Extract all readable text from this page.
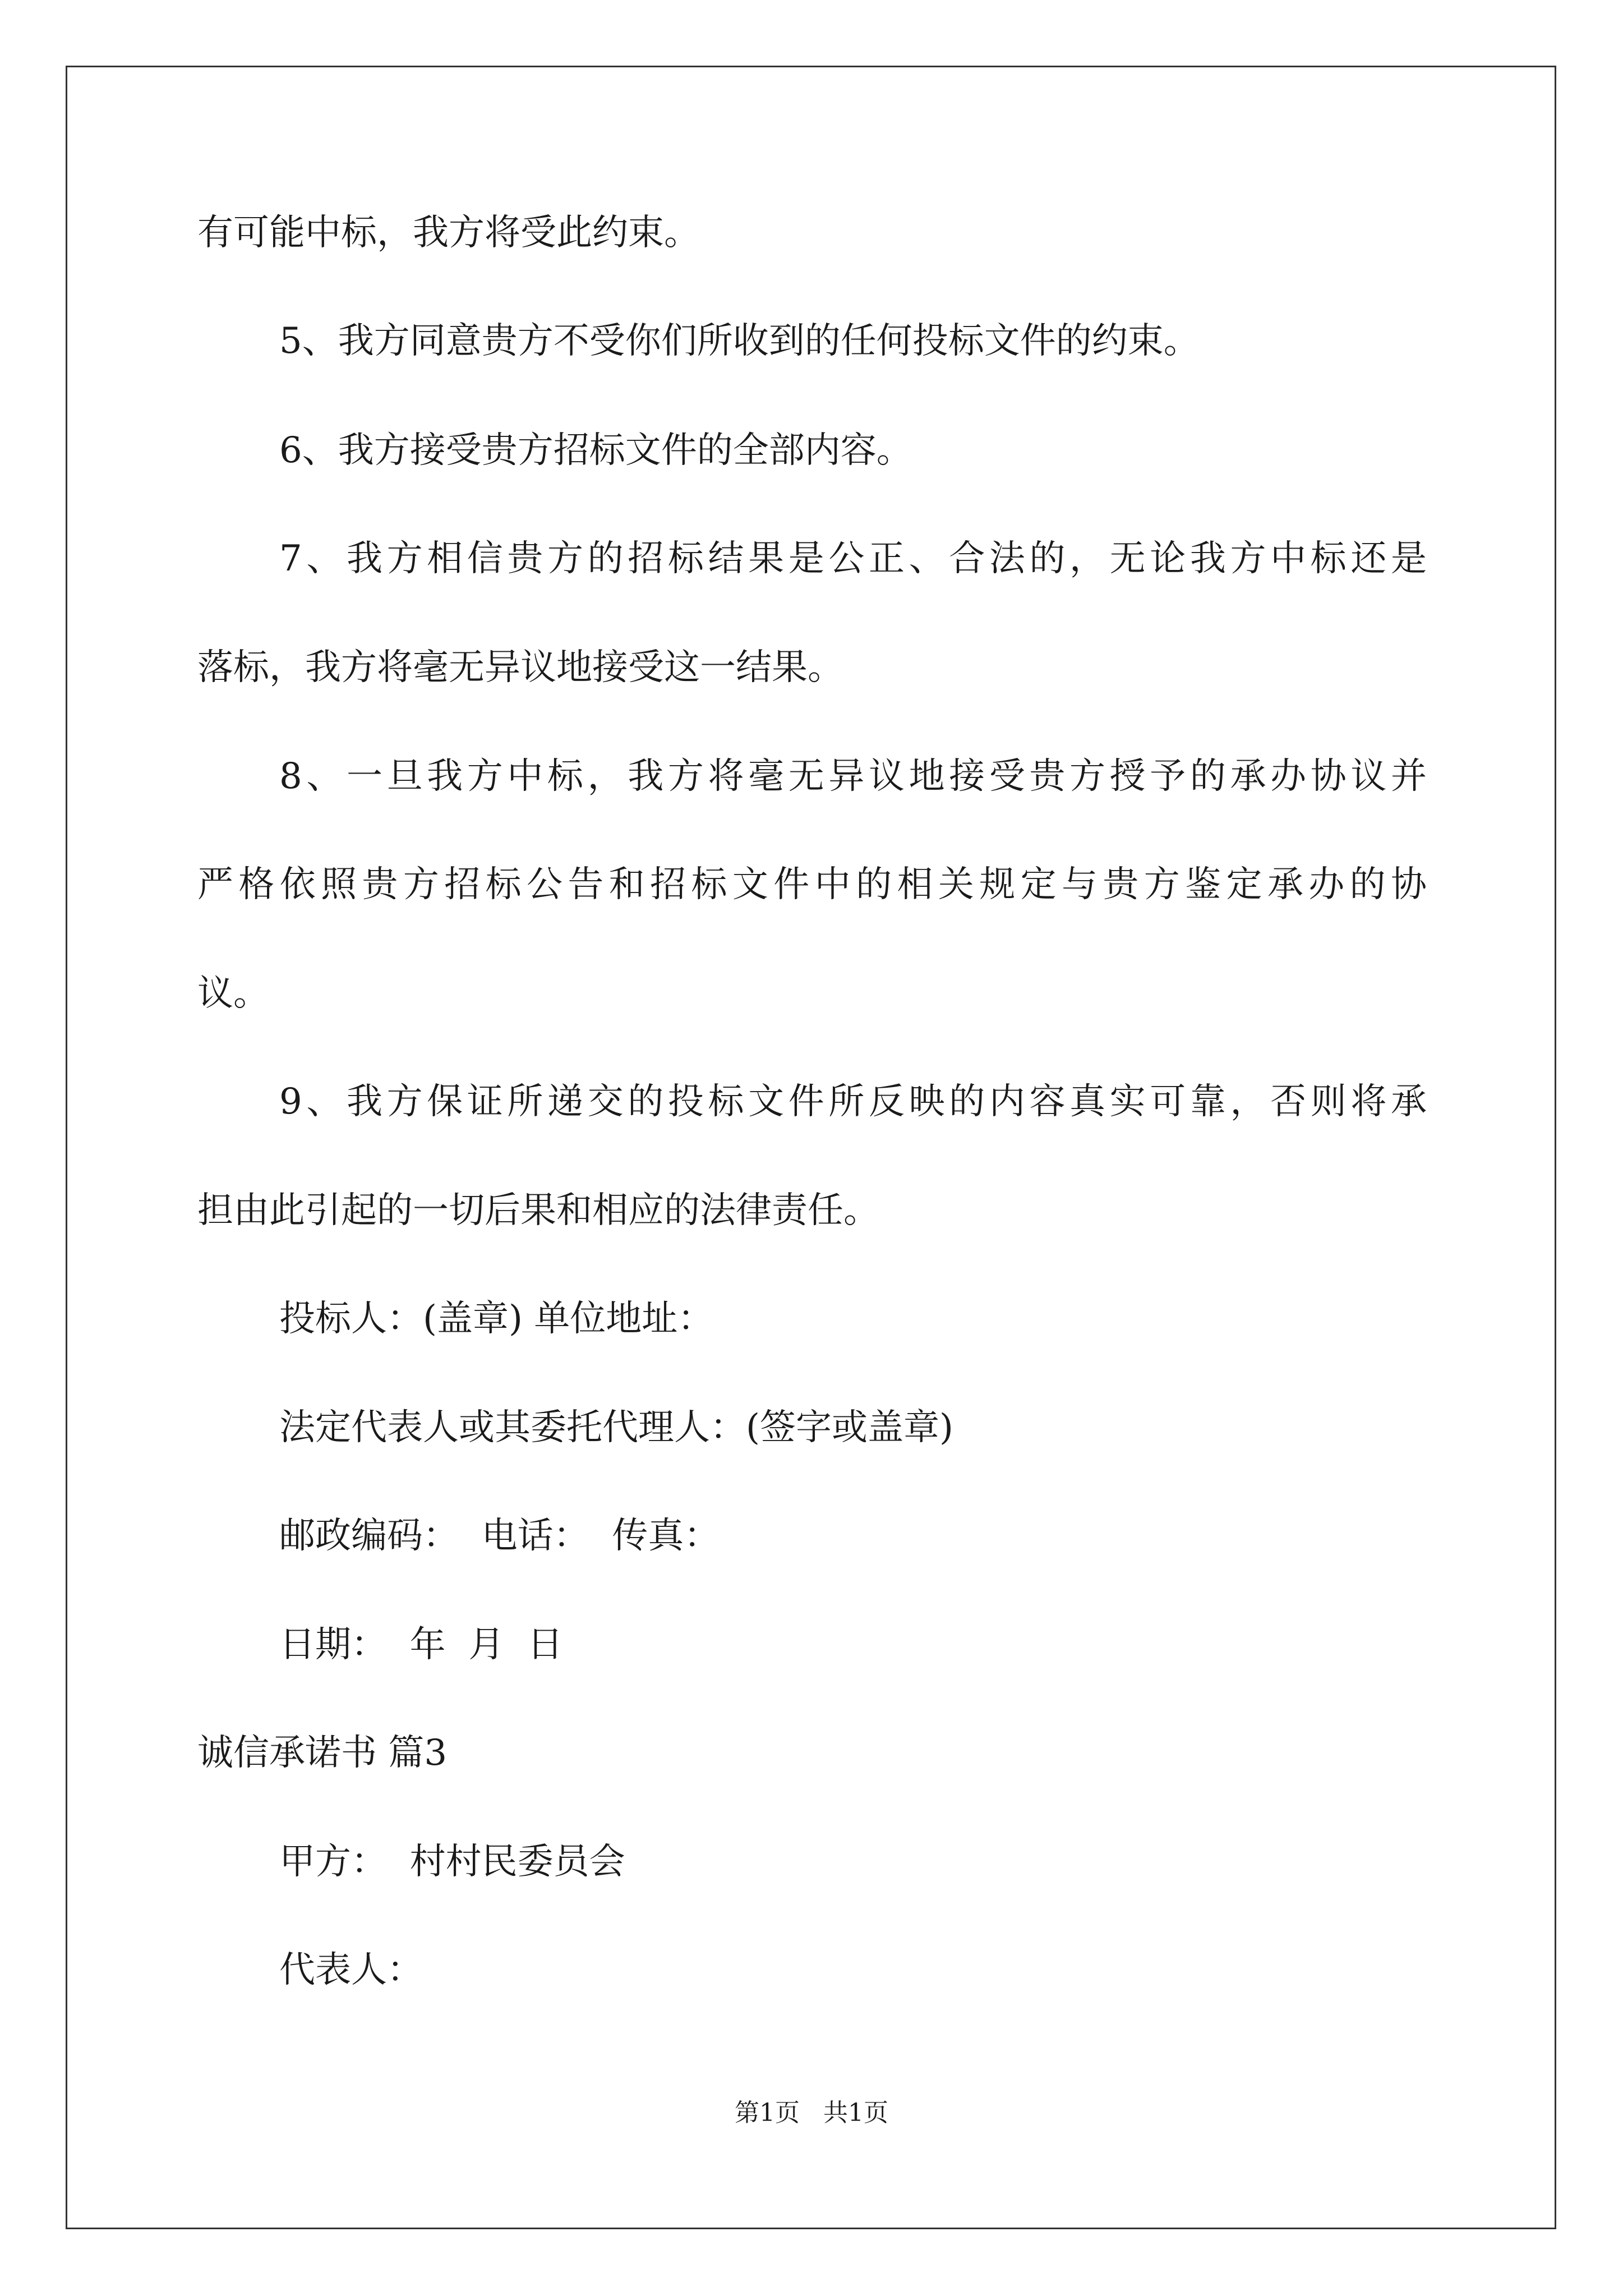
有可能中标，我方将受此约束。
5、我方同意贵方不受你们所收到的任何投标文件的约束。
6、我方接受贵方招标文件的全部内容。
7、我方相信贵方的招标结果是公正、合法的，无论我方中标还是
落标，我方将毫无异议地接受这一结果。
8、一旦我方中标，我方将毫无异议地接受贵方授予的承办协议并
严格依照贵方招标公告和招标文件中的相关规定与贵方鉴定承办的协
议。
9、我方保证所递交的投标文件所反映的内容真实可靠，否则将承
担由此引起的一切后果和相应的法律责任。
投标人：(盖章) 单位地址：
法定代表人或其委托代理人：(签字或盖章)
邮政编码：  电话：  传真：
日期：  年  月  日
诚信承诺书 篇3
甲方：  村村民委员会
代表人：
第1页   共1页
